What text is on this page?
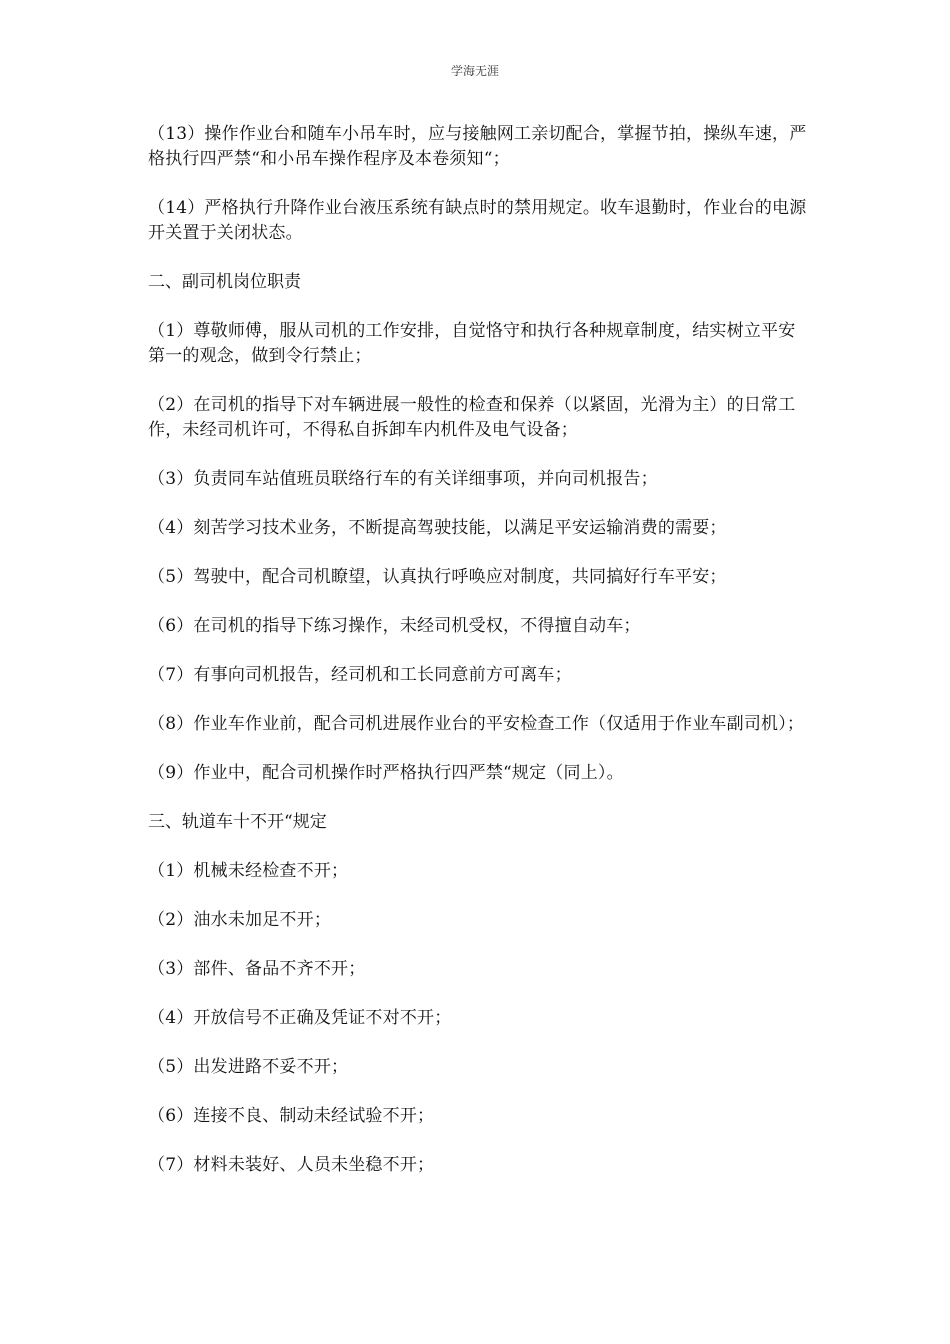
学海无涯

（13）操作作业台和随车小吊车时，应与接触网工亲切配合，掌握节拍，操纵车速，严格执行四严禁“和小吊车操作程序及本卷须知“；

（14）严格执行升降作业台液压系统有缺点时的禁用规定。收车退勤时，作业台的电源开关置于关闭状态。

二、副司机岗位职责

（1）尊敬师傅，服从司机的工作安排，自觉恪守和执行各种规章制度，结实树立平安第一的观念，做到令行禁止；

（2）在司机的指导下对车辆进展一般性的检查和保养（以紧固，光滑为主）的日常工作，未经司机许可，不得私自拆卸车内机件及电气设备；

（3）负责同车站值班员联络行车的有关详细事项，并向司机报告；

（4）刻苦学习技术业务，不断提高驾驶技能，以满足平安运输消费的需要；

（5）驾驶中，配合司机瞭望，认真执行呼唤应对制度，共同搞好行车平安；

（6）在司机的指导下练习操作，未经司机受权，不得擅自动车；

（7）有事向司机报告，经司机和工长同意前方可离车；

（8）作业车作业前，配合司机进展作业台的平安检查工作（仅适用于作业车副司机）；

（9）作业中，配合司机操作时严格执行四严禁“规定（同上）。

三、轨道车十不开“规定

（1）机械未经检查不开；

（2）油水未加足不开；

（3）部件、备品不齐不开；

（4）开放信号不正确及凭证不对不开；

（5）出发进路不妥不开；

（6）连接不良、制动未经试验不开；

（7）材料未装好、人员未坐稳不开；
